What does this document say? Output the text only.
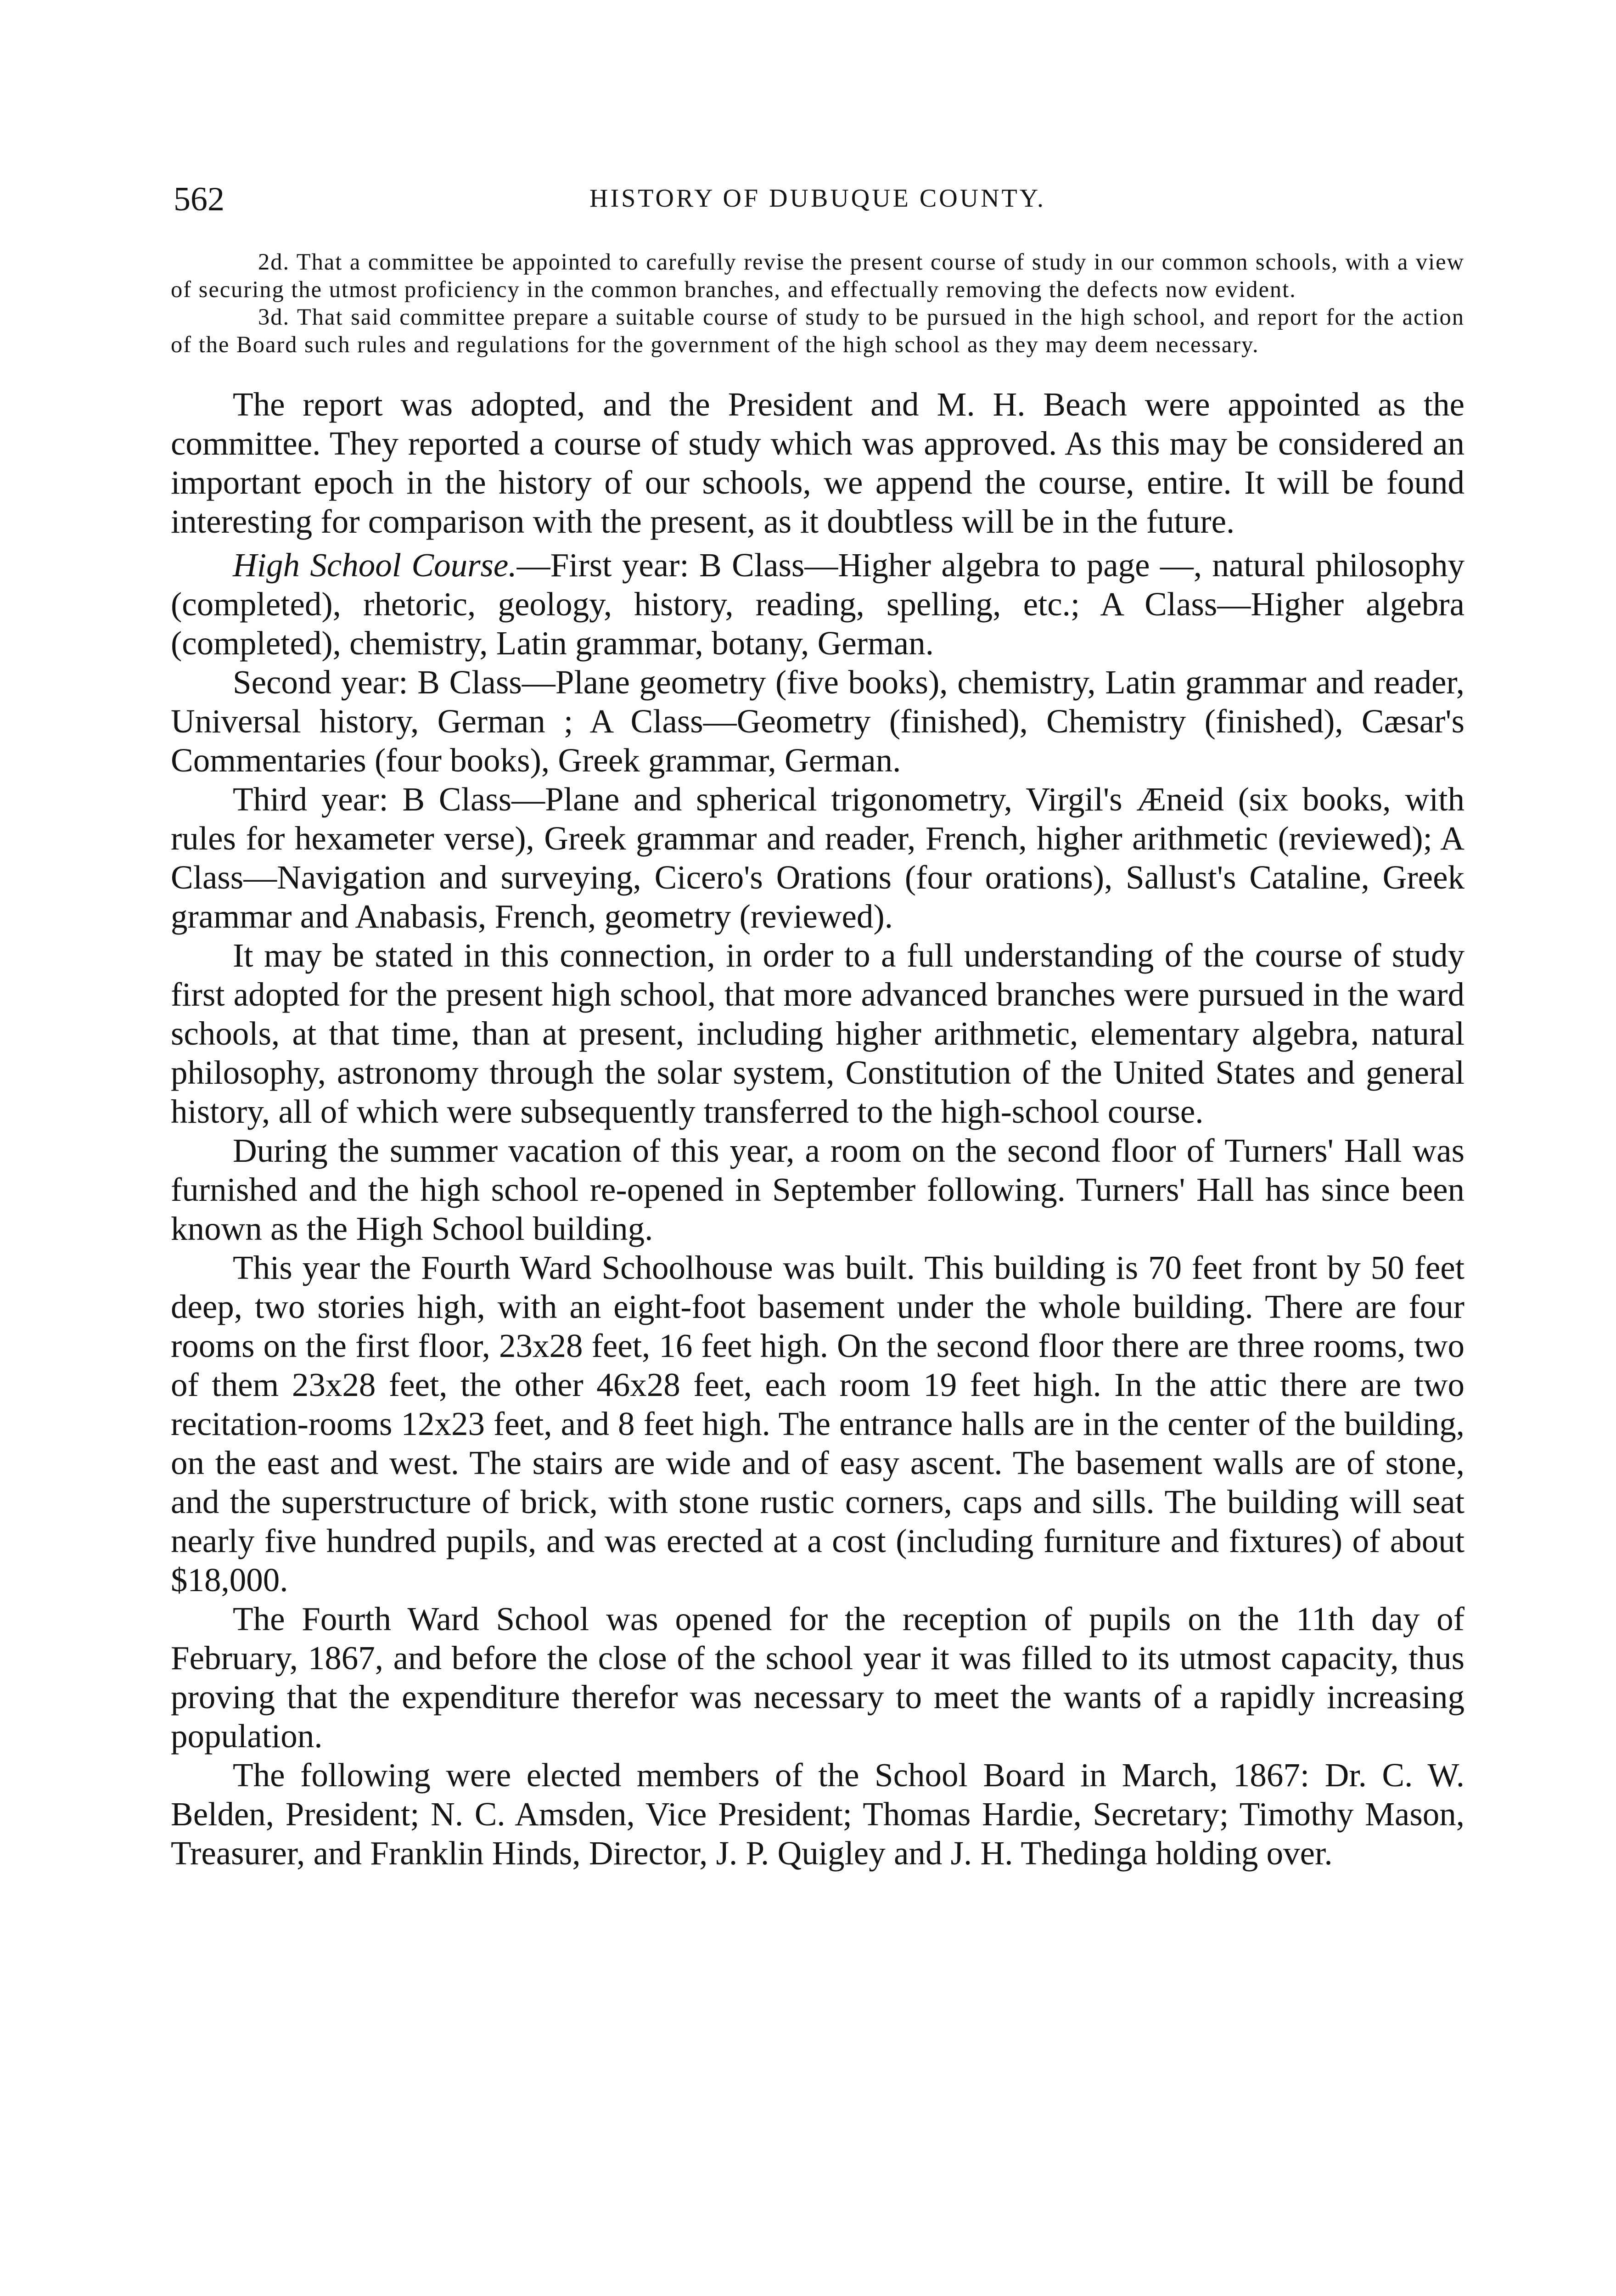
562	HISTORY OF DUBUQUE COUNTY.

2d. That a committee be appointed to carefully revise the present course of study in our common schools, with a view of securing the utmost proficiency in the common branches, and effectually removing the defects now evident.

3d. That said committee prepare a suitable course of study to be pursued in the high school, and report for the action of the Board such rules and regulations for the government of the high school as they may deem necessary.

The report was adopted, and the President and M. H. Beach were appointed as the committee. They reported a course of study which was approved. As this may be considered an important epoch in the history of our schools, we append the course, entire. It will be found interesting for comparison with the present, as it doubtless will be in the future.

High School Course.—First year: B Class—Higher algebra to page —, natural philosophy (completed), rhetoric, geology, history, reading, spelling, etc.; A Class—Higher algebra (completed), chemistry, Latin grammar, botany, German.

Second year: B Class—Plane geometry (five books), chemistry, Latin grammar and reader, Universal history, German ; A Class—Geometry (finished), Chemistry (finished), Cæsar's Commentaries (four books), Greek grammar, German.

Third year: B Class—Plane and spherical trigonometry, Virgil's Æneid (six books, with rules for hexameter verse), Greek grammar and reader, French, higher arithmetic (reviewed); A Class—Navigation and surveying, Cicero's Orations (four orations), Sallust's Cataline, Greek grammar and Anabasis, French, geometry (reviewed).

It may be stated in this connection, in order to a full understanding of the course of study first adopted for the present high school, that more advanced branches were pursued in the ward schools, at that time, than at present, including higher arithmetic, elementary algebra, natural philosophy, astronomy through the solar system, Constitution of the United States and general history, all of which were subsequently transferred to the high-school course.

During the summer vacation of this year, a room on the second floor of Turners' Hall was furnished and the high school re-opened in September following. Turners' Hall has since been known as the High School building.

This year the Fourth Ward Schoolhouse was built. This building is 70 feet front by 50 feet deep, two stories high, with an eight-foot basement under the whole building. There are four rooms on the first floor, 23x28 feet, 16 feet high. On the second floor there are three rooms, two of them 23x28 feet, the other 46x28 feet, each room 19 feet high. In the attic there are two recitation-rooms 12x23 feet, and 8 feet high. The entrance halls are in the center of the building, on the east and west. The stairs are wide and of easy ascent. The basement walls are of stone, and the superstructure of brick, with stone rustic corners, caps and sills. The building will seat nearly five hundred pupils, and was erected at a cost (including furniture and fixtures) of about $18,000.

The Fourth Ward School was opened for the reception of pupils on the 11th day of February, 1867, and before the close of the school year it was filled to its utmost capacity, thus proving that the expenditure therefor was necessary to meet the wants of a rapidly increasing population.

The following were elected members of the School Board in March, 1867: Dr. C. W. Belden, President; N. C. Amsden, Vice President; Thomas Hardie, Secretary; Timothy Mason, Treasurer, and Franklin Hinds, Director, J. P. Quigley and J. H. Thedinga holding over.
